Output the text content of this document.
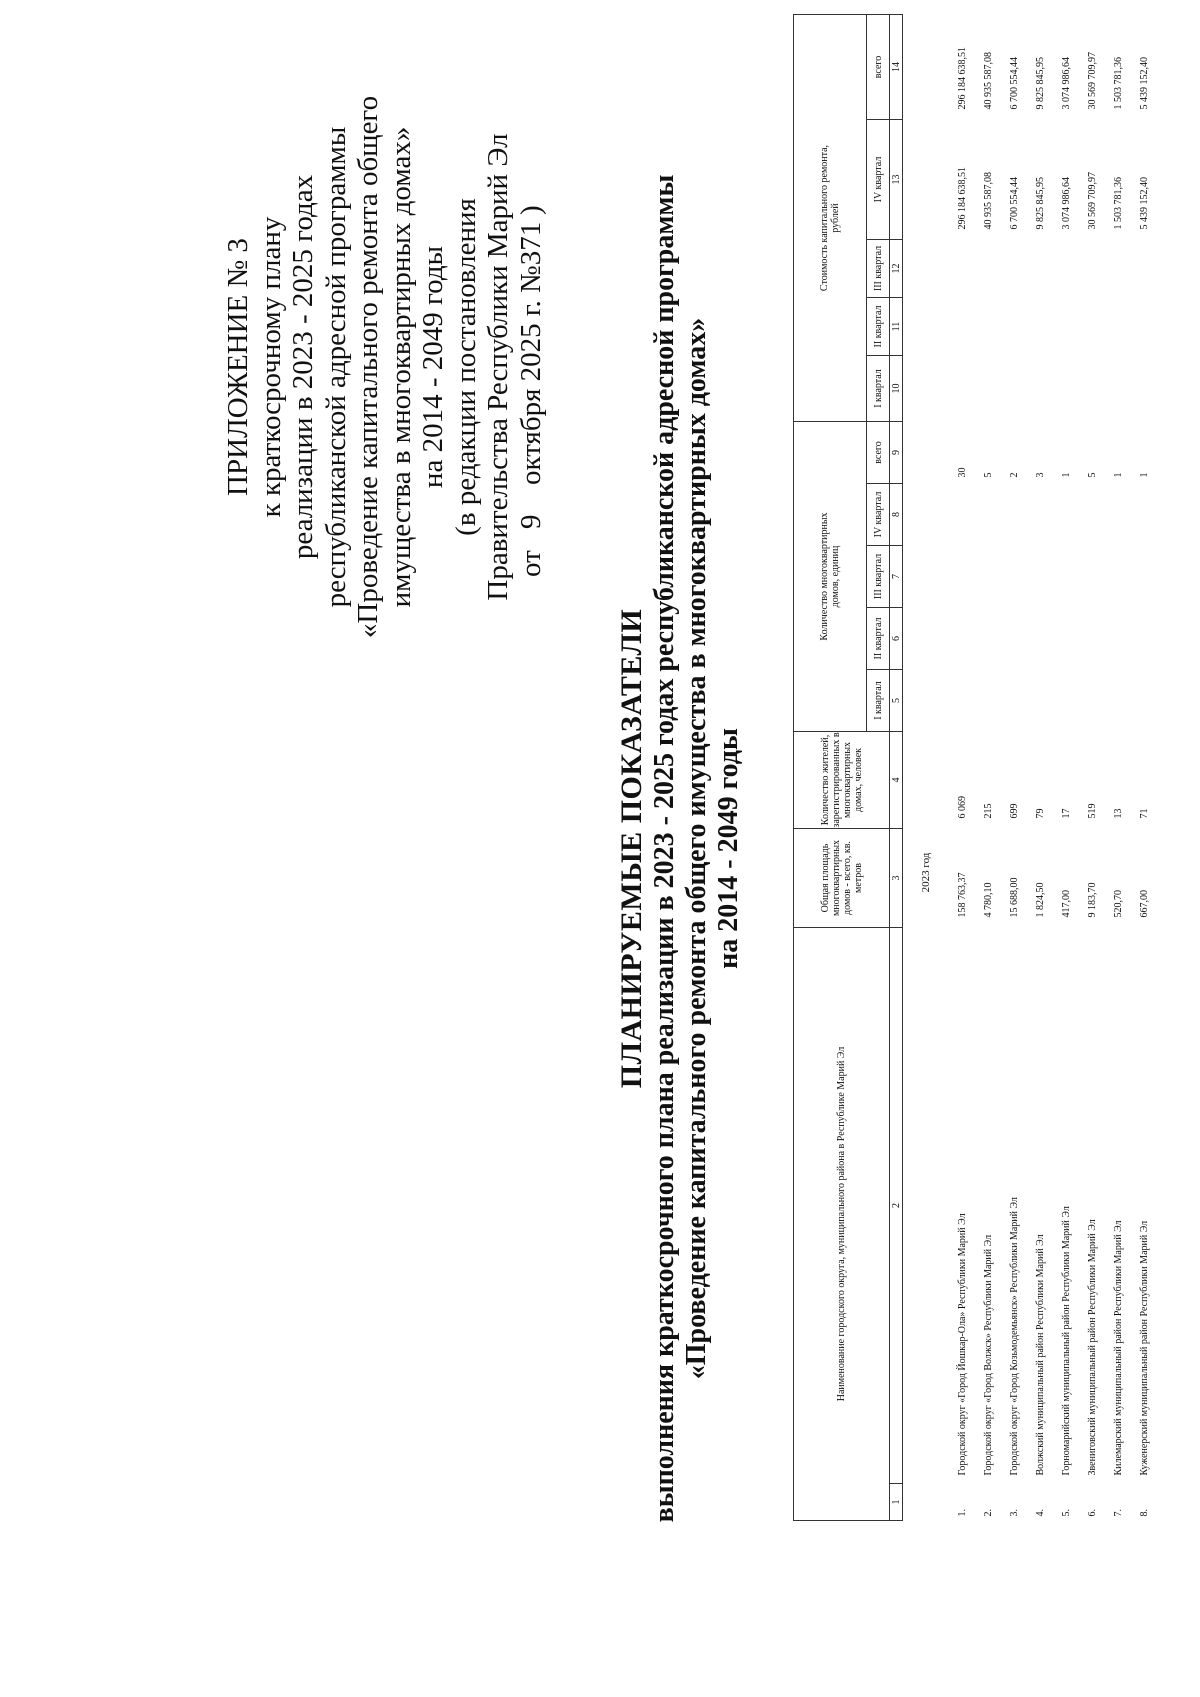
ПРИЛОЖЕНИЕ № 3 к краткосрочному плану реализации в 2023 - 2025 годах республиканской адресной программы «Проведение капитального ремонта общего имущества в многоквартирных домах» на 2014 - 2049 годы (в редакции постановления Правительства Республики Марий Эл от9октября 2025 г. №371)
ПЛАНИРУЕМЫЕ ПОКАЗАТЕЛИ выполнения краткосрочного плана реализации в 2023 - 2025 годах республиканской адресной программы «Проведение капитального ремонта общего имущества в многоквартирных домах» на 2014 - 2049 годы
Наименование городского округа, муниципального района в Республике Марий Эл		Общая площадь многоквартирных домов - всего, кв. метров	Количество жителей, зарегистрированных в многоквартирных домах, человек	Количество многоквартирных домов, единиц					Стоимость капитального ремонта, рублей				
				I квартал	II квартал	III квартал	IV квартал	всего	I квартал	II квартал	III квартал	IV квартал	всего
1	2	3	4	5	6	7	8	9	10	11	12	13	14
2023 год													
1.	Городской округ «Город Йошкар-Ола» Республики Марий Эл	158 763,37	6 069					30				296 184 638,51	296 184 638,51
2.	Городской округ «Город Волжск» Республики Марий Эл	4 780,10	215					5				40 935 587,08	40 935 587,08
3.	Городской округ «Город Козьмодемьянск» Республики Марий Эл	15 688,00	699					2				6 700 554,44	6 700 554,44
4.	Волжский муниципальный район Республики Марий Эл	1 824,50	79					3				9 825 845,95	9 825 845,95
5.	Горномарийский муниципальный район Республики Марий Эл	417,00	17					1				3 074 986,64	3 074 986,64
6.	Звениговский муниципальный район Республики Марий Эл	9 183,70	519					5				30 569 709,97	30 569 709,97
7.	Килемарский муниципальный район Республики Марий Эл	520,70	13					1				1 503 781,36	1 503 781,36
8.	Куженерский муниципальный район Республики Марий Эл	667,00	71					1				5 439 152,40	5 439 152,40
